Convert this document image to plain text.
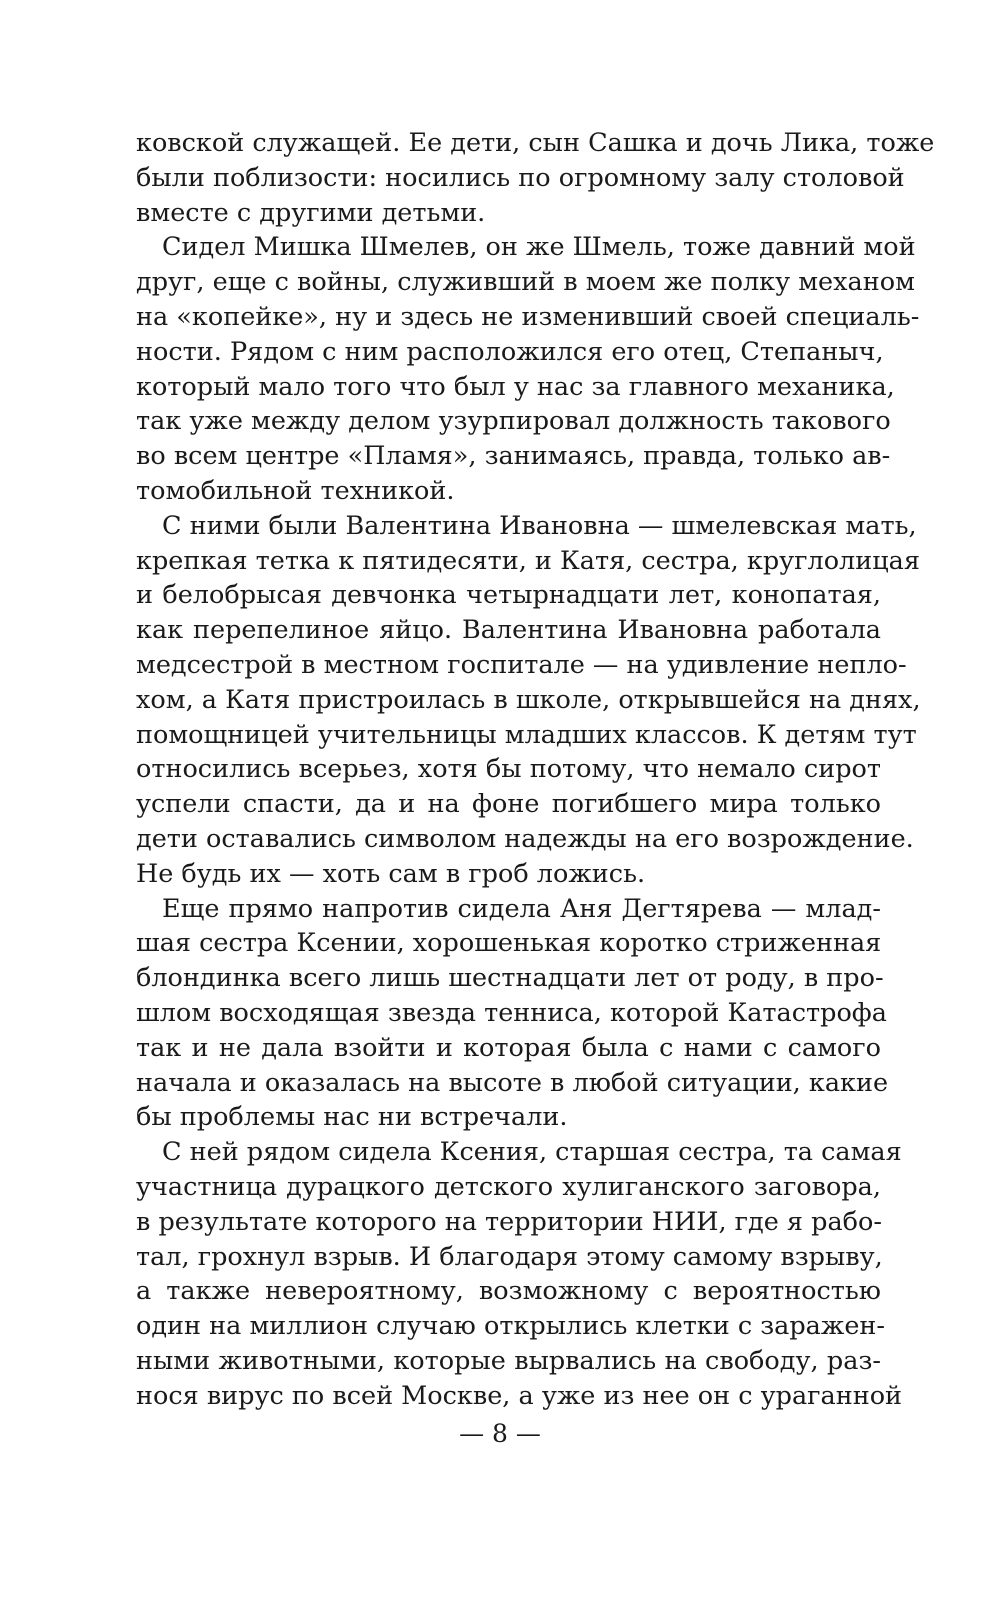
ковской служащей. Ее дети, сын Сашка и дочь Лика, тоже
были поблизости: носились по огромному залу столовой
вместе с другими детьми.
Сидел Мишка Шмелев, он же Шмель, тоже давний мой
друг, еще с войны, служивший в моем же полку механом
на «копейке», ну и здесь не изменивший своей специаль-
ности. Рядом с ним расположился его отец, Степаныч,
который мало того что был у нас за главного механика,
так уже между делом узурпировал должность такового
во всем центре «Пламя», занимаясь, правда, только ав-
томобильной техникой.
С ними были Валентина Ивановна — шмелевская мать,
крепкая тетка к пятидесяти, и Катя, сестра, круглолицая
и белобрысая девчонка четырнадцати лет, конопатая,
как перепелиное яйцо. Валентина Ивановна работала
медсестрой в местном госпитале — на удивление непло-
хом, а Катя пристроилась в школе, открывшейся на днях,
помощницей учительницы младших классов. К детям тут
относились всерьез, хотя бы потому, что немало сирот
успели спасти, да и на фоне погибшего мира только
дети оставались символом надежды на его возрождение.
Не будь их — хоть сам в гроб ложись.
Еще прямо напротив сидела Аня Дегтярева — млад-
шая сестра Ксении, хорошенькая коротко стриженная
блондинка всего лишь шестнадцати лет от роду, в про-
шлом восходящая звезда тенниса, которой Катастрофа
так и не дала взойти и которая была с нами с самого
начала и оказалась на высоте в любой ситуации, какие
бы проблемы нас ни встречали.
С ней рядом сидела Ксения, старшая сестра, та самая
участница дурацкого детского хулиганского заговора,
в результате которого на территории НИИ, где я рабо-
тал, грохнул взрыв. И благодаря этому самому взрыву,
а также невероятному, возможному с вероятностью
один на миллион случаю открылись клетки с заражен-
ными животными, которые вырвались на свободу, раз-
нося вирус по всей Москве, а уже из нее он с ураганной
— 8 —
